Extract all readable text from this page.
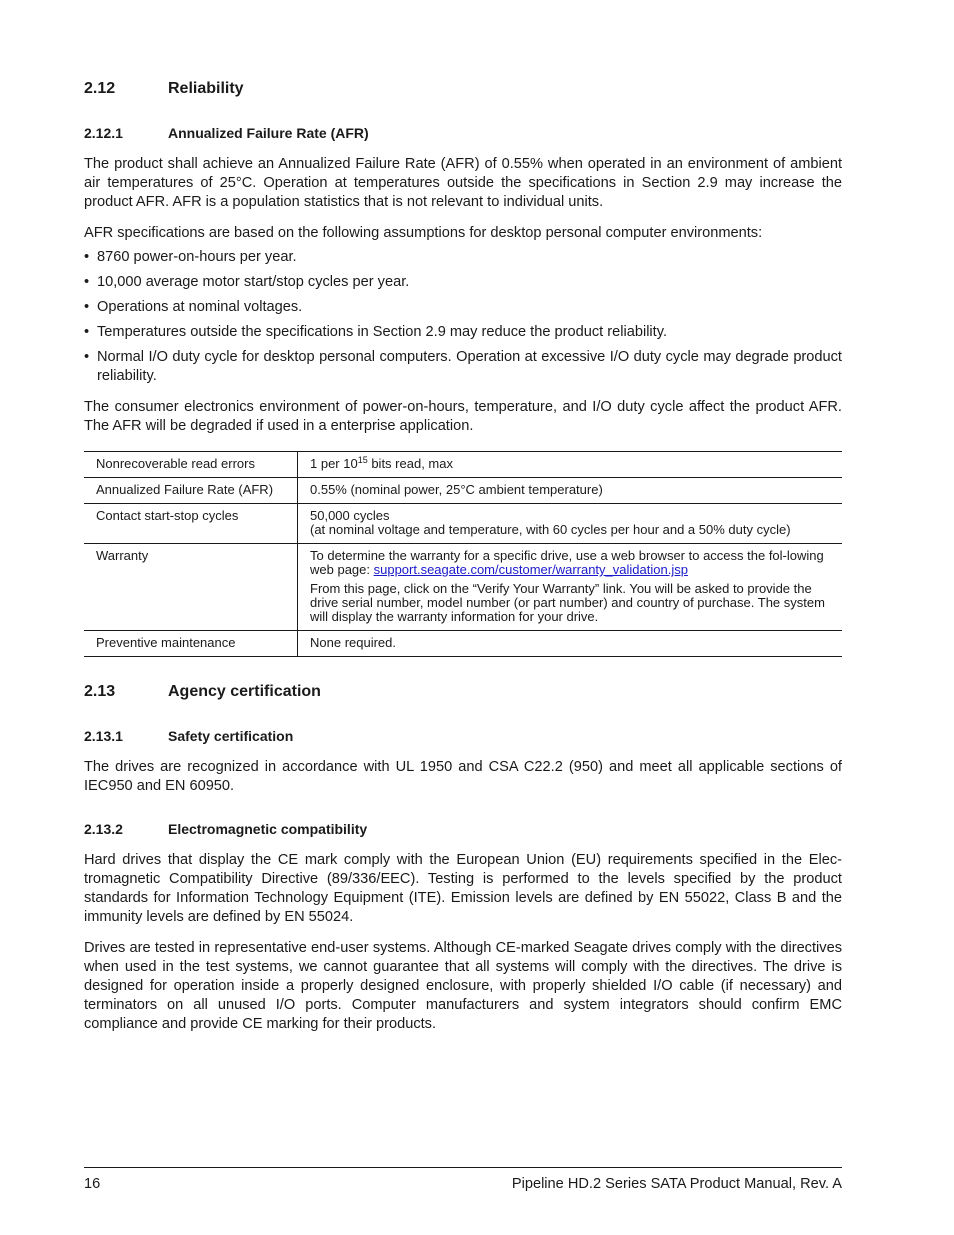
2.12	Reliability
2.12.1	Annualized Failure Rate (AFR)

The product shall achieve an Annualized Failure Rate (AFR) of 0.55% when operated in an environment of ambient air temperatures of 25°C. Operation at temperatures outside the specifications in Section 2.9 may increase the product AFR. AFR is a population statistics that is not relevant to individual units.

AFR specifications are based on the following assumptions for desktop personal computer environments:

• 8760 power-on-hours per year.
• 10,000 average motor start/stop cycles per year.
• Operations at nominal voltages.
• Temperatures outside the specifications in Section 2.9 may reduce the product reliability.
• Normal I/O duty cycle for desktop personal computers. Operation at excessive I/O duty cycle may degrade product reliability.

The consumer electronics environment of power-on-hours, temperature, and I/O duty cycle affect the product AFR. The AFR will be degraded if used in a enterprise application.

Nonrecoverable read errors	1 per $10^{15}$ bits read, max
Annualized Failure Rate (AFR)	0.55% (nominal power, 25°C ambient temperature)
Contact start-stop cycles	50,000 cycles
(at nominal voltage and temperature, with 60 cycles per hour and a 50% duty cycle)

Warranty	To determine the warranty for a specific drive, use a web browser to access the fol-lowing web page: support.seagate.com/customer/warranty_validation.jsp
From this page, click on the “Verify Your Warranty” link. You will be asked to provide the drive serial number, model number (or part number) and country of purchase. The system will display the warranty information for your drive.

Preventive maintenance	None required.
2.13	Agency certification
2.13.1	Safety certification

The drives are recognized in accordance with UL 1950 and CSA C22.2 (950) and meet all applicable sections of IEC950 and EN 60950.

2.13.2	Electromagnetic compatibility

Hard drives that display the CE mark comply with the European Union (EU) requirements specified in the Elec-tromagnetic Compatibility Directive (89/336/EEC). Testing is performed to the levels specified by the product standards for Information Technology Equipment (ITE). Emission levels are defined by EN 55022, Class B and the immunity levels are defined by EN 55024.

Drives are tested in representative end-user systems. Although CE-marked Seagate drives comply with the directives when used in the test systems, we cannot guarantee that all systems will comply with the directives. The drive is designed for operation inside a properly designed enclosure, with properly shielded I/O cable (if necessary) and terminators on all unused I/O ports. Computer manufacturers and system integrators should confirm EMC compliance and provide CE marking for their products.

16	Pipeline HD.2 Series SATA Product Manual, Rev. A
